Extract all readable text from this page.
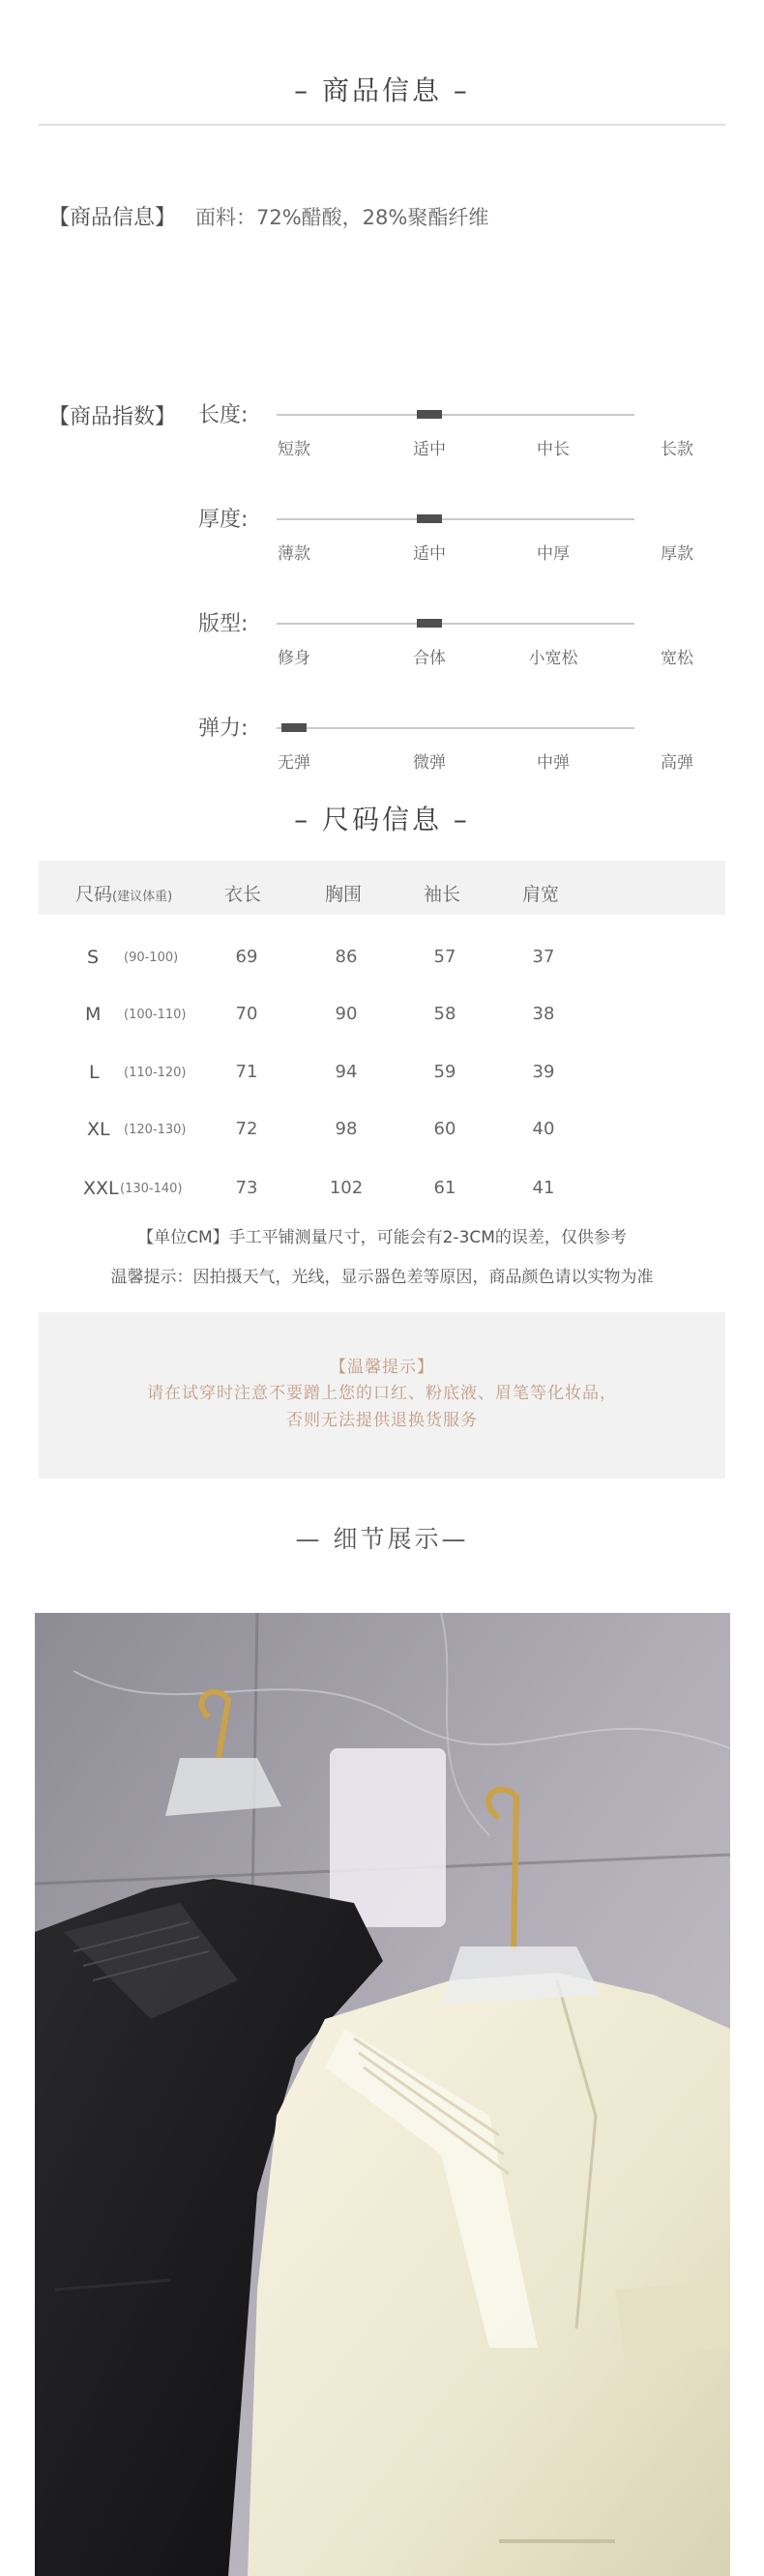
– 商品信息 –
【商品信息】 面料：72%醋酸，28%聚酯纤维
【商品指数】 长度:
短款	适中	中长	长款
厚度:
薄款	适中	中厚	厚款
版型:
修身	合体	小宽松	宽松
弹力:
无弹	微弹	中弹	高弹
– 尺码信息 –
尺码(建议体重)	衣长	胸围	袖长	肩宽
S (90-100)	69	86	57	37
M (100-110)	70	90	58	38
L (110-120)	71	94	59	39
XL (120-130)	72	98	60	40
XXL (130-140)	73	102	61	41
【单位CM】手工平铺测量尺寸，可能会有2-3CM的误差，仅供参考
温馨提示：因拍摄天气，光线，显示器色差等原因，商品颜色请以实物为准
【温馨提示】
请在试穿时注意不要蹭上您的口红、粉底液、眉笔等化妆品，
否则无法提供退换货服务
— 细节展示—
